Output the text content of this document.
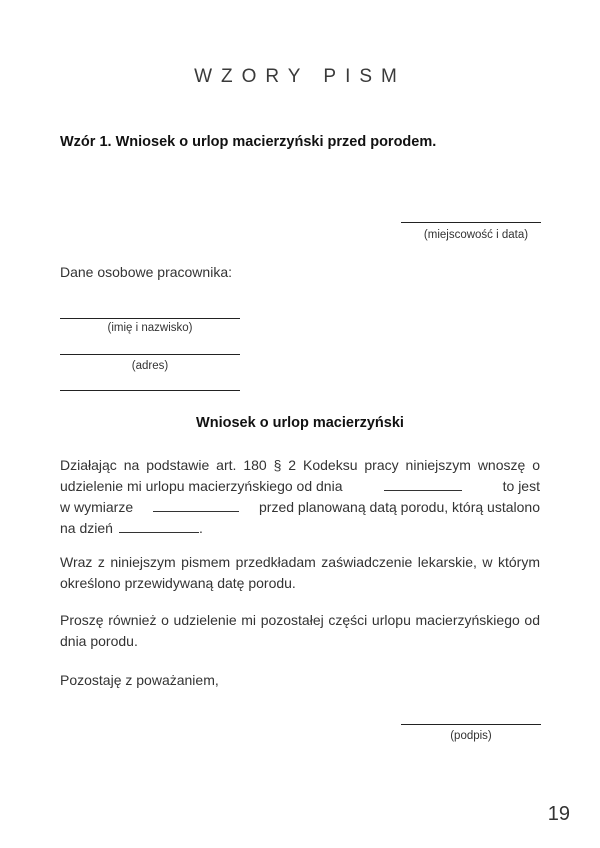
WZORY PISM
Wzór 1. Wniosek o urlop macierzyński przed porodem.
(miejscowość i data)
Dane osobowe pracownika:
(imię i nazwisko)
(adres)
Wniosek o urlop macierzyński
Działając na podstawie art. 180 § 2 Kodeksu pracy niniejszym wnoszę o
udzielenie mi urlopu macierzyńskiego od dnia	to jest
w wymiarze	przed planowaną datą porodu, którą ustalono
na dzień	.
Wraz z niniejszym pismem przedkładam zaświadczenie lekarskie, w którym
określono przewidywaną datę porodu.
Proszę również o udzielenie mi pozostałej części urlopu macierzyńskiego od
dnia porodu.
Pozostaję z poważaniem,
(podpis)
19
